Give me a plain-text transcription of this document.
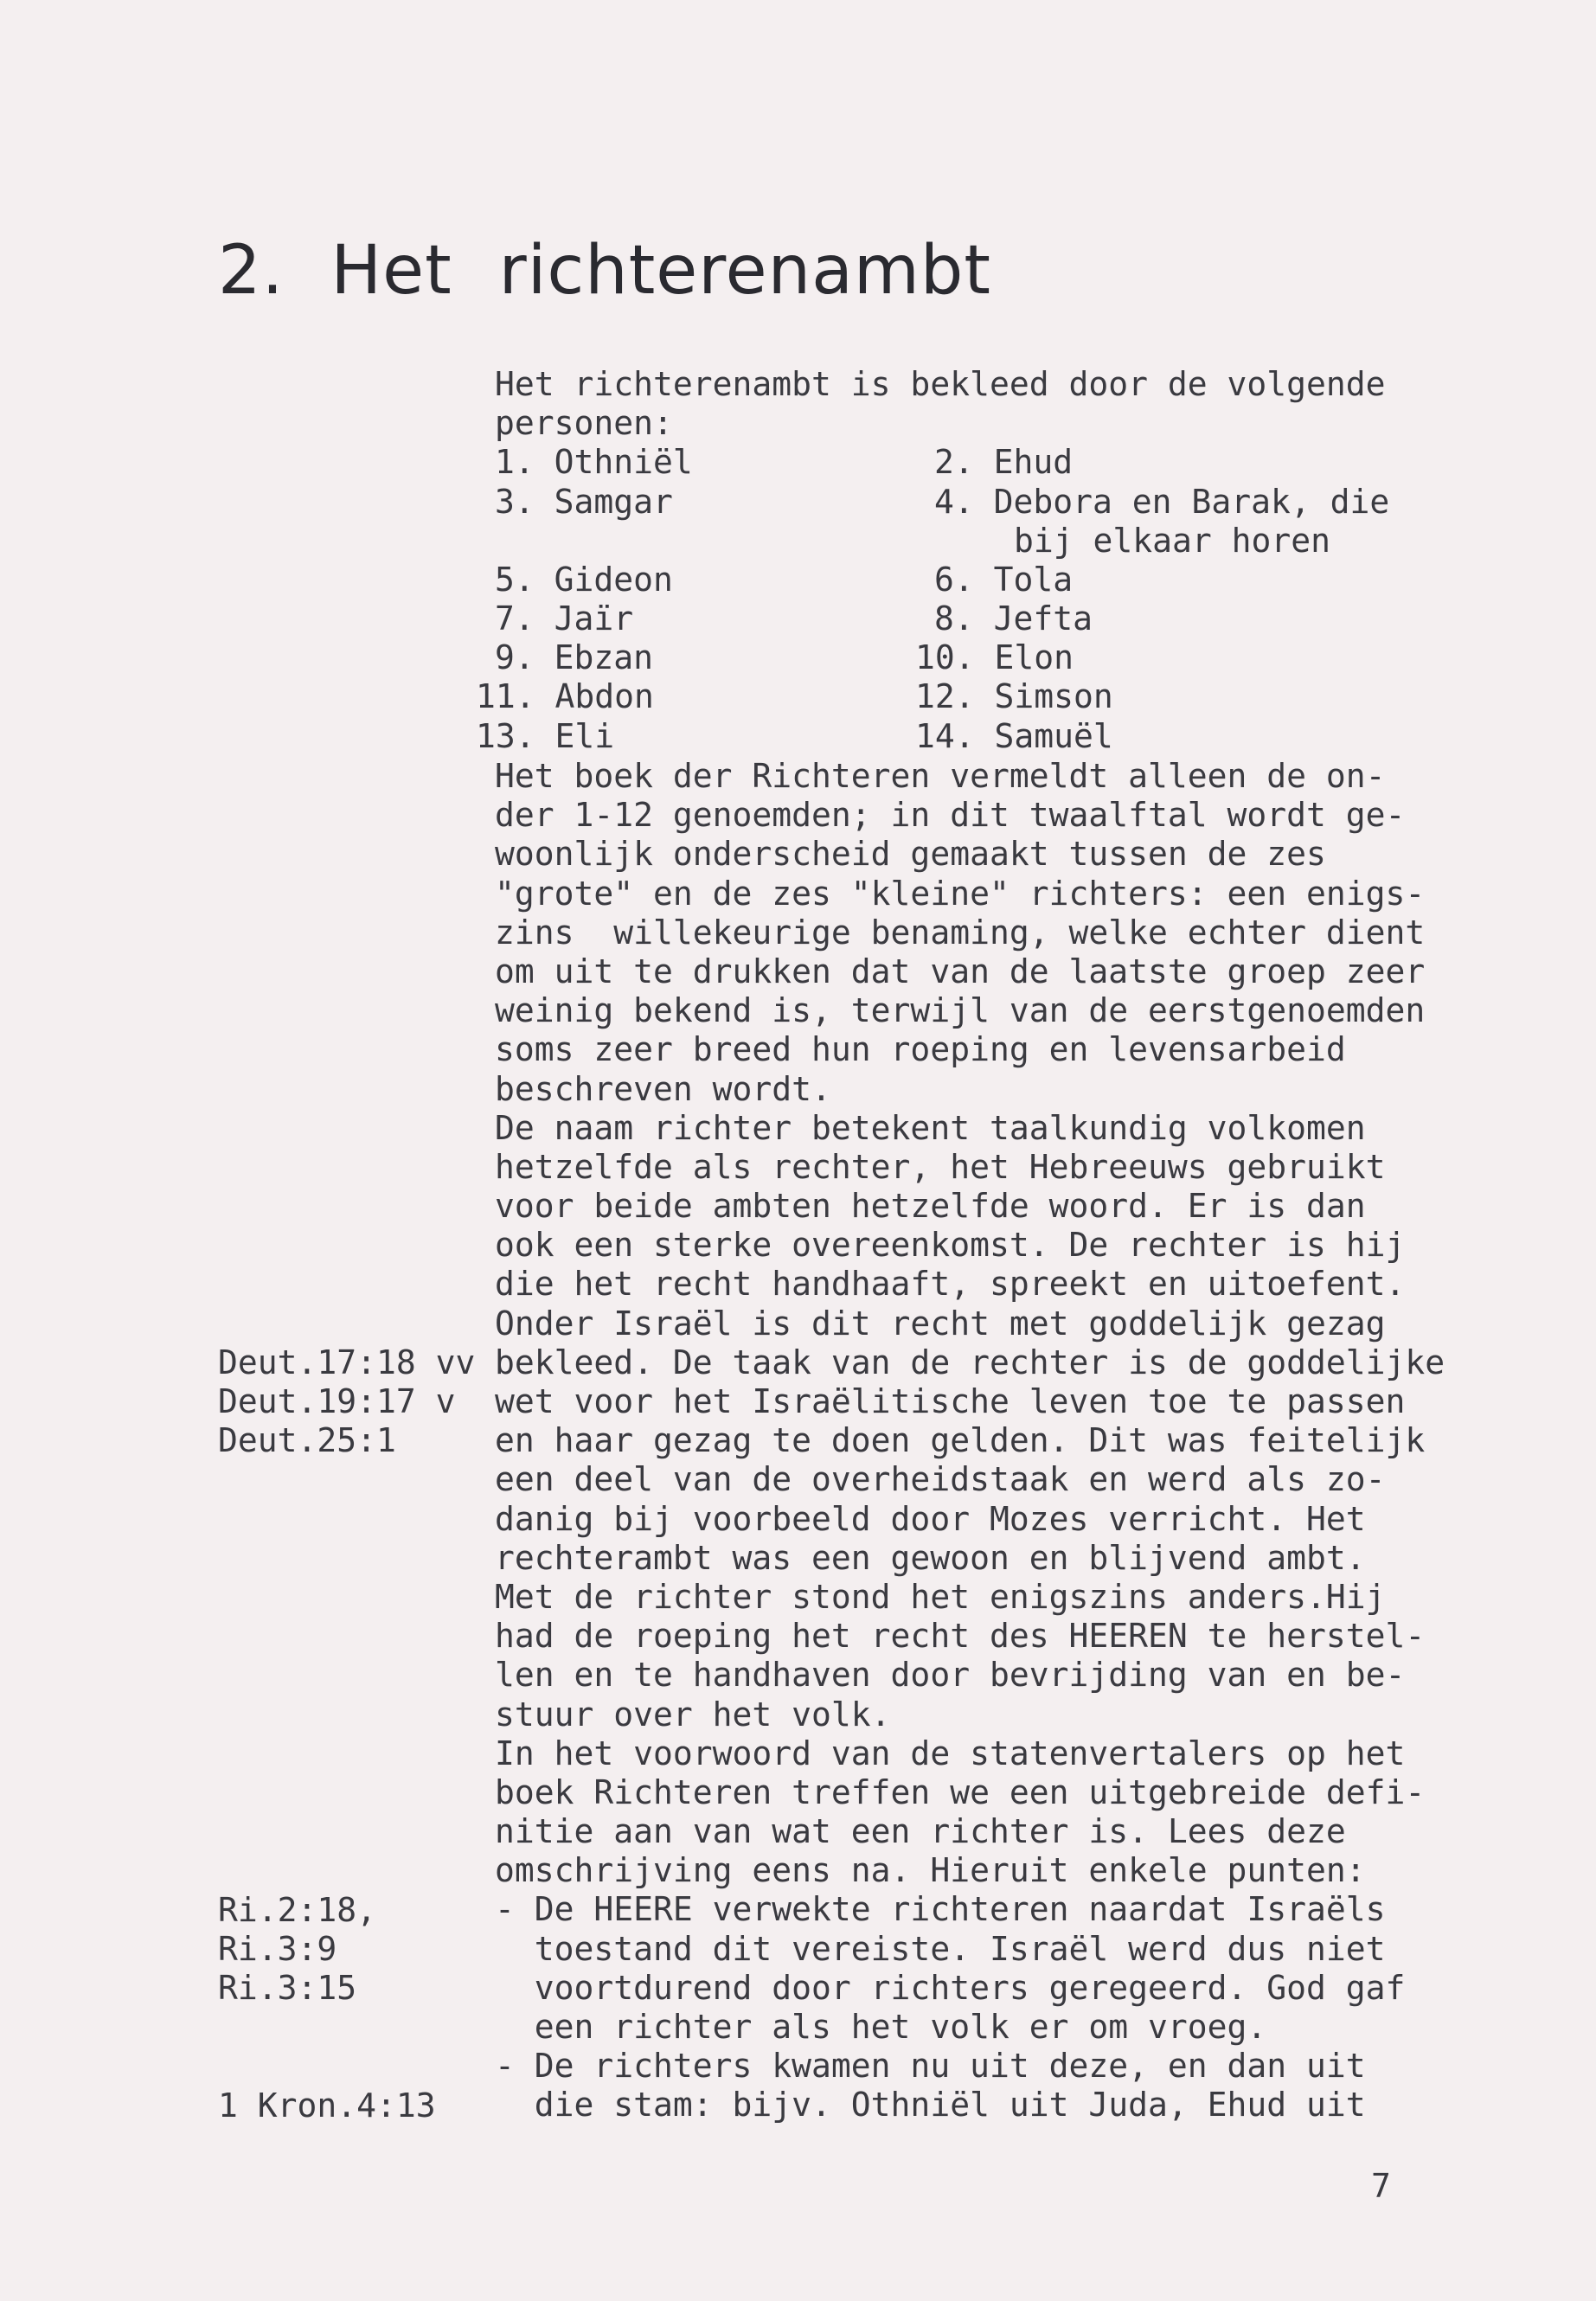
2. Het richterenambt
Het richterenambt is bekleed door de volgende
personen:
1. Othniël	2. Ehud
3. Samgar	4. Debora en Barak, die
bij elkaar horen
5. Gideon	6. Tola
7. Jaïr	8. Jefta
9. Ebzan	10. Elon
11. Abdon	12. Simson
13. Eli	14. Samuël
Het boek der Richteren vermeldt alleen de on-
der 1-12 genoemden; in dit twaalftal wordt ge-
woonlijk onderscheid gemaakt tussen de zes
"grote" en de zes "kleine" richters: een enigs-
zins  willekeurige benaming, welke echter dient
om uit te drukken dat van de laatste groep zeer
weinig bekend is, terwijl van de eerstgenoemden
soms zeer breed hun roeping en levensarbeid
beschreven wordt.
De naam richter betekent taalkundig volkomen
hetzelfde als rechter, het Hebreeuws gebruikt
voor beide ambten hetzelfde woord. Er is dan
ook een sterke overeenkomst. De rechter is hij
die het recht handhaaft, spreekt en uitoefent.
Onder Israël is dit recht met goddelijk gezag
bekleed. De taak van de rechter is de goddelijke
wet voor het Israëlitische leven toe te passen
en haar gezag te doen gelden. Dit was feitelijk
een deel van de overheidstaak en werd als zo-
danig bij voorbeeld door Mozes verricht. Het
rechterambt was een gewoon en blijvend ambt.
Met de richter stond het enigszins anders.Hij
had de roeping het recht des HEEREN te herstel-
len en te handhaven door bevrijding van en be-
stuur over het volk.
In het voorwoord van de statenvertalers op het
boek Richteren treffen we een uitgebreide defi-
nitie aan van wat een richter is. Lees deze
omschrijving eens na. Hieruit enkele punten:
- De HEERE verwekte richteren naardat Israëls
toestand dit vereiste. Israël werd dus niet
voortdurend door richters geregeerd. God gaf
een richter als het volk er om vroeg.
- De richters kwamen nu uit deze, en dan uit
die stam: bijv. Othniël uit Juda, Ehud uit
Deut.17:18 vv
Deut.19:17 v
Deut.25:1
Ri.2:18,
Ri.3:9
Ri.3:15
1 Kron.4:13
7
